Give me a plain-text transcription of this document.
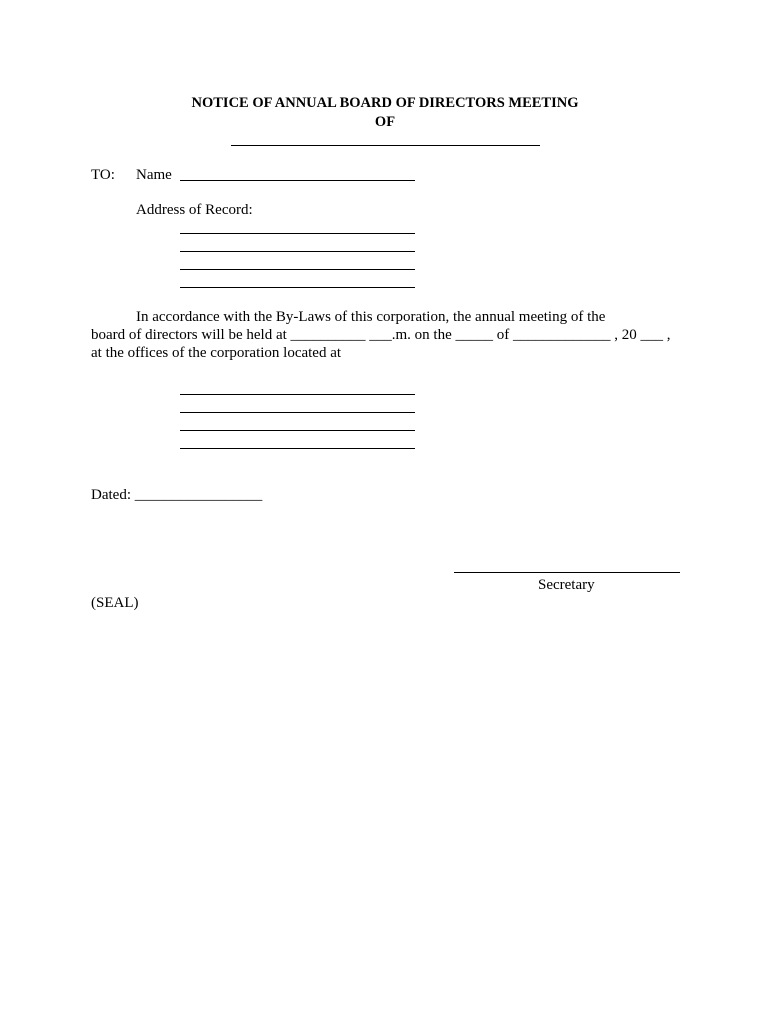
NOTICE OF ANNUAL BOARD OF DIRECTORS MEETING
OF
TO: Name
Address of Record:
In accordance with the By-Laws of this corporation, the annual meeting of the
board of directors will be held at __________ ___.m. on the _____ of _____________ , 20 ___ ,
at the offices of the corporation located at
Dated: _________________
Secretary
(SEAL)
